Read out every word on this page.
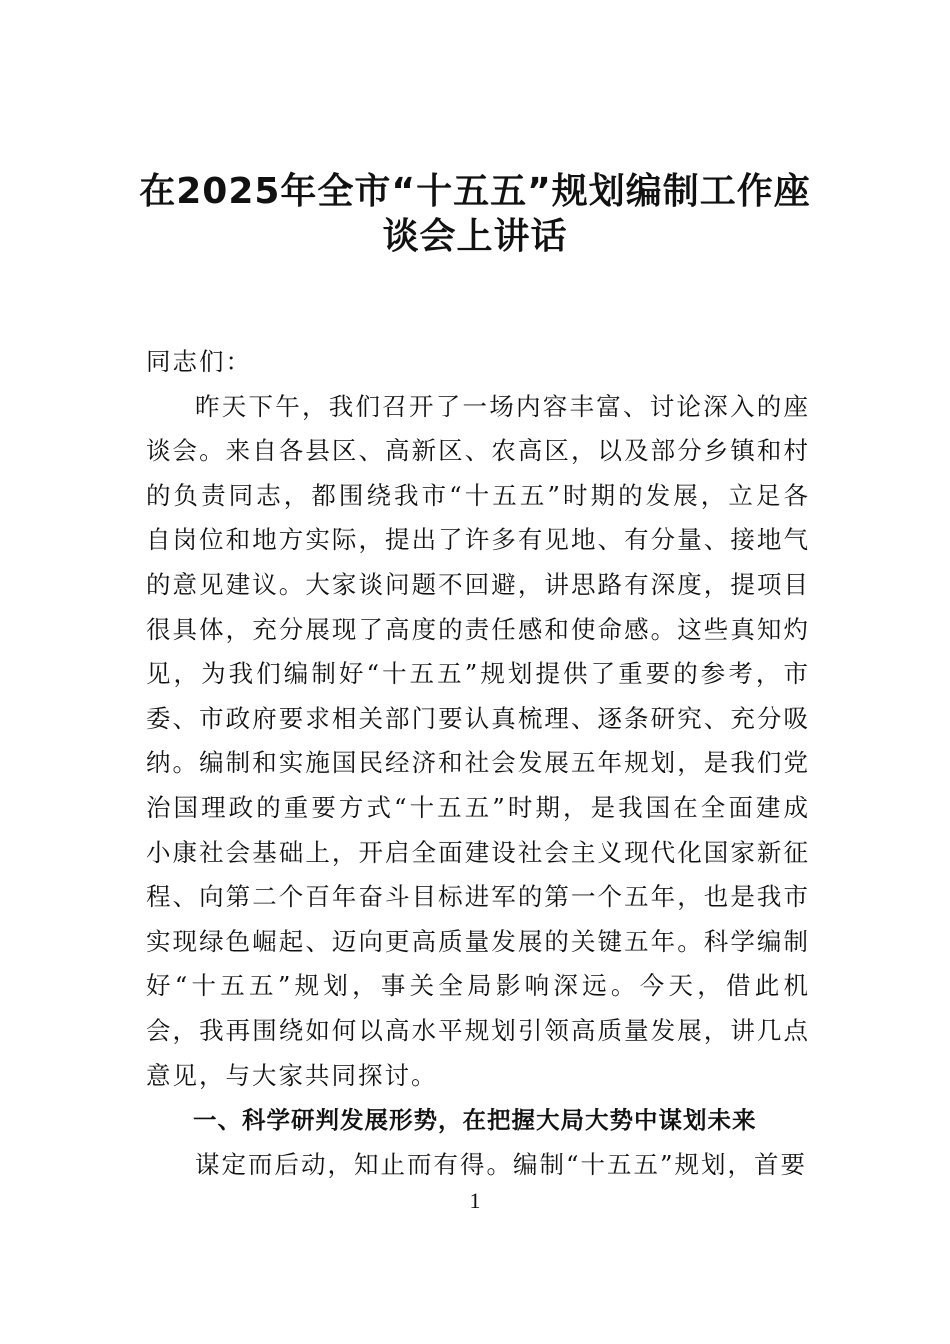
在2025年全市“十五五”规划编制工作座
谈会上讲话

同志们：

昨天下午，我们召开了一场内容丰富、讨论深入的座谈会。来自各县区、高新区、农高区，以及部分乡镇和村的负责同志，都围绕我市“十五五”时期的发展，立足各自岗位和地方实际，提出了许多有见地、有分量、接地气的意见建议。大家谈问题不回避，讲思路有深度，提项目很具体，充分展现了高度的责任感和使命感。这些真知灼见，为我们编制好“十五五”规划提供了重要的参考，市委、市政府要求相关部门要认真梳理、逐条研究、充分吸纳。编制和实施国民经济和社会发展五年规划，是我们党治国理政的重要方式“十五五”时期，是我国在全面建成小康社会基础上，开启全面建设社会主义现代化国家新征程、向第二个百年奋斗目标进军的第一个五年，也是我市实现绿色崛起、迈向更高质量发展的关键五年。科学编制好“十五五”规划，事关全局影响深远。今天，借此机会，我再围绕如何以高水平规划引领高质量发展，讲几点意见，与大家共同探讨。

一、科学研判发展形势，在把握大局大势中谋划未来

谋定而后动，知止而有得。编制“十五五”规划，首要

1
